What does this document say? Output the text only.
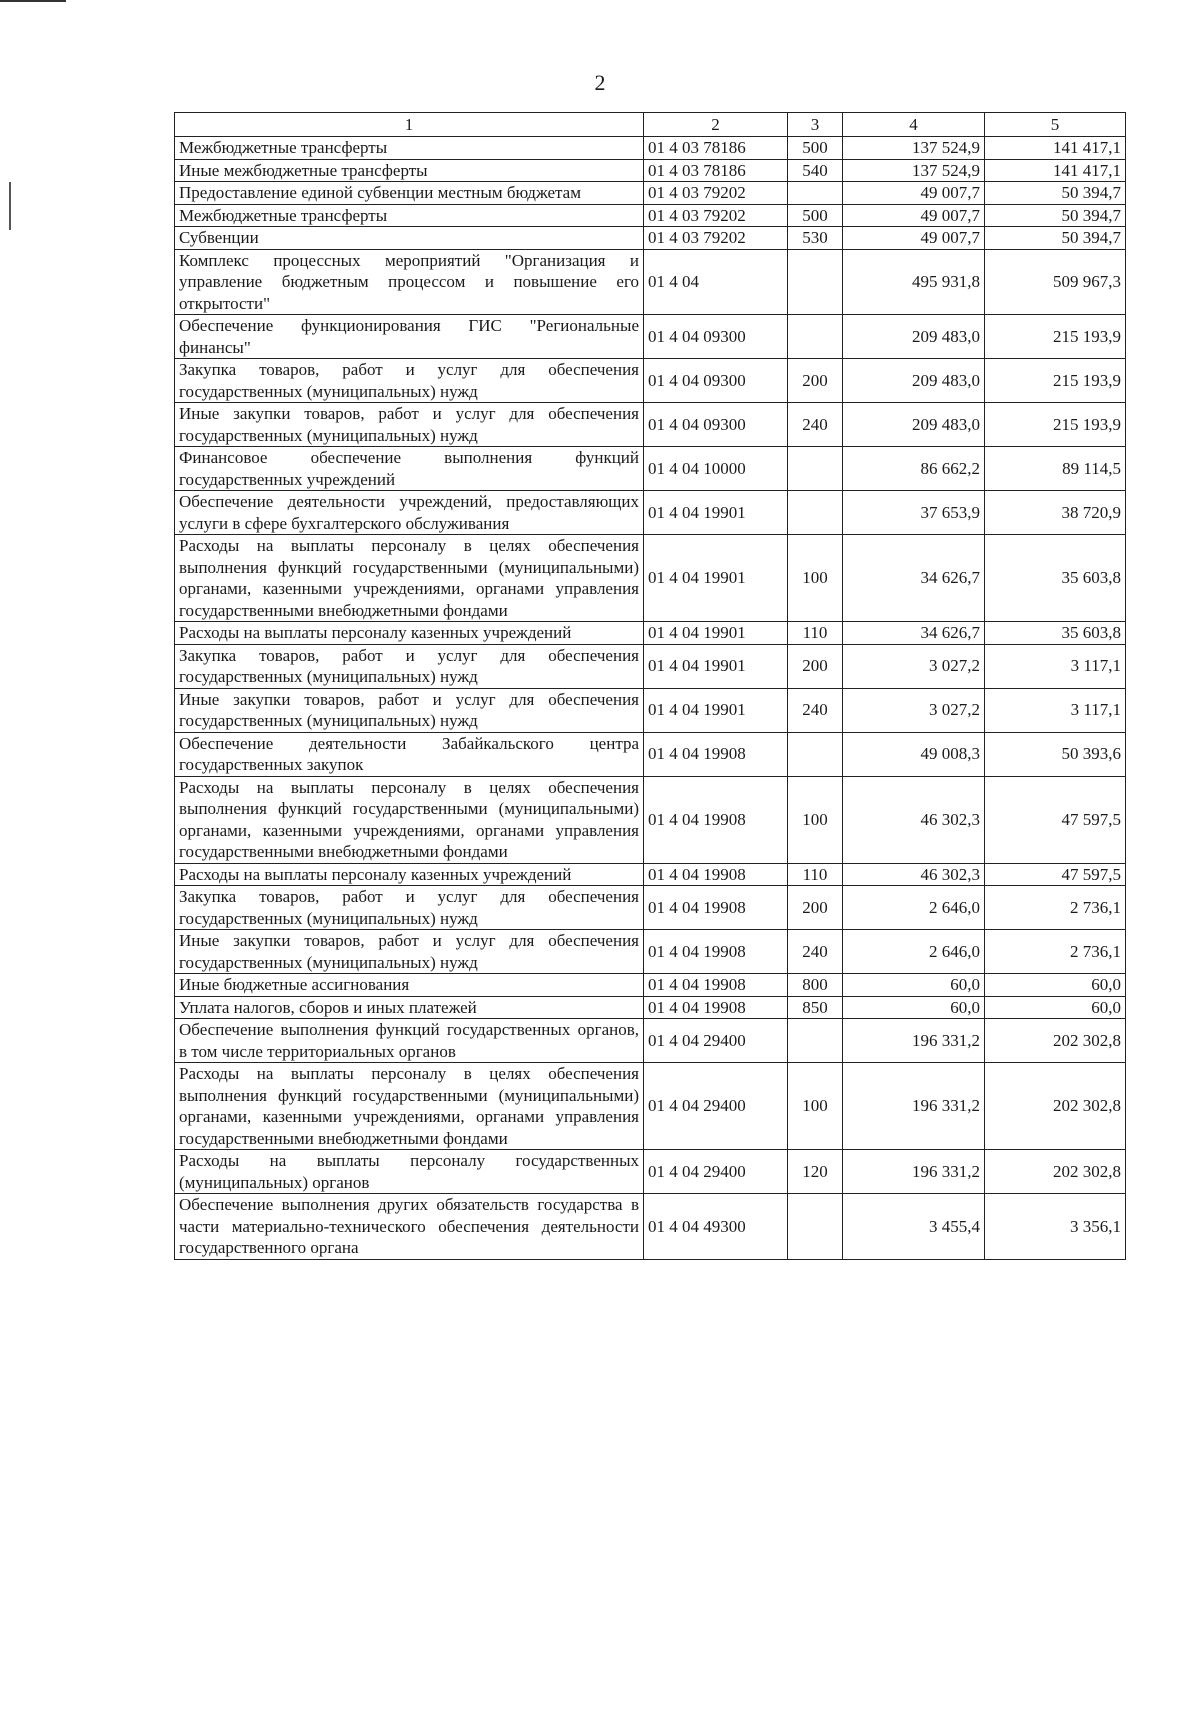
2
1	2	3	4	5
Межбюджетные трансферты	01 4 03 78186	500	137 524,9	141 417,1
Иные межбюджетные трансферты	01 4 03 78186	540	137 524,9	141 417,1
Предоставление единой субвенции местным бюджетам	01 4 03 79202		49 007,7	50 394,7
Межбюджетные трансферты	01 4 03 79202	500	49 007,7	50 394,7
Субвенции	01 4 03 79202	530	49 007,7	50 394,7
Комплекс процессных мероприятий "Организация и управление бюджетным процессом и повышение его открытости"	01 4 04		495 931,8	509 967,3
Обеспечение функционирования ГИС "Региональные финансы"	01 4 04 09300		209 483,0	215 193,9
Закупка товаров, работ и услуг для обеспечения государственных (муниципальных) нужд	01 4 04 09300	200	209 483,0	215 193,9
Иные закупки товаров, работ и услуг для обеспечения государственных (муниципальных) нужд	01 4 04 09300	240	209 483,0	215 193,9
Финансовое обеспечение выполнения функций государственных учреждений	01 4 04 10000		86 662,2	89 114,5
Обеспечение деятельности учреждений, предоставляющих услуги в сфере бухгалтерского обслуживания	01 4 04 19901		37 653,9	38 720,9
Расходы на выплаты персоналу в целях обеспечения выполнения функций государственными (муниципальными) органами, казенными учреждениями, органами управления государственными внебюджетными фондами	01 4 04 19901	100	34 626,7	35 603,8
Расходы на выплаты персоналу казенных учреждений	01 4 04 19901	110	34 626,7	35 603,8
Закупка товаров, работ и услуг для обеспечения государственных (муниципальных) нужд	01 4 04 19901	200	3 027,2	3 117,1
Иные закупки товаров, работ и услуг для обеспечения государственных (муниципальных) нужд	01 4 04 19901	240	3 027,2	3 117,1
Обеспечение деятельности Забайкальского центра государственных закупок	01 4 04 19908		49 008,3	50 393,6
Расходы на выплаты персоналу в целях обеспечения выполнения функций государственными (муниципальными) органами, казенными учреждениями, органами управления государственными внебюджетными фондами	01 4 04 19908	100	46 302,3	47 597,5
Расходы на выплаты персоналу казенных учреждений	01 4 04 19908	110	46 302,3	47 597,5
Закупка товаров, работ и услуг для обеспечения государственных (муниципальных) нужд	01 4 04 19908	200	2 646,0	2 736,1
Иные закупки товаров, работ и услуг для обеспечения государственных (муниципальных) нужд	01 4 04 19908	240	2 646,0	2 736,1
Иные бюджетные ассигнования	01 4 04 19908	800	60,0	60,0
Уплата налогов, сборов и иных платежей	01 4 04 19908	850	60,0	60,0
Обеспечение выполнения функций государственных органов, в том числе территориальных органов	01 4 04 29400		196 331,2	202 302,8
Расходы на выплаты персоналу в целях обеспечения выполнения функций государственными (муниципальными) органами, казенными учреждениями, органами управления государственными внебюджетными фондами	01 4 04 29400	100	196 331,2	202 302,8
Расходы на выплаты персоналу государственных (муниципальных) органов	01 4 04 29400	120	196 331,2	202 302,8
Обеспечение выполнения других обязательств государства в части материально-технического обеспечения деятельности государственного органа	01 4 04 49300		3 455,4	3 356,1
